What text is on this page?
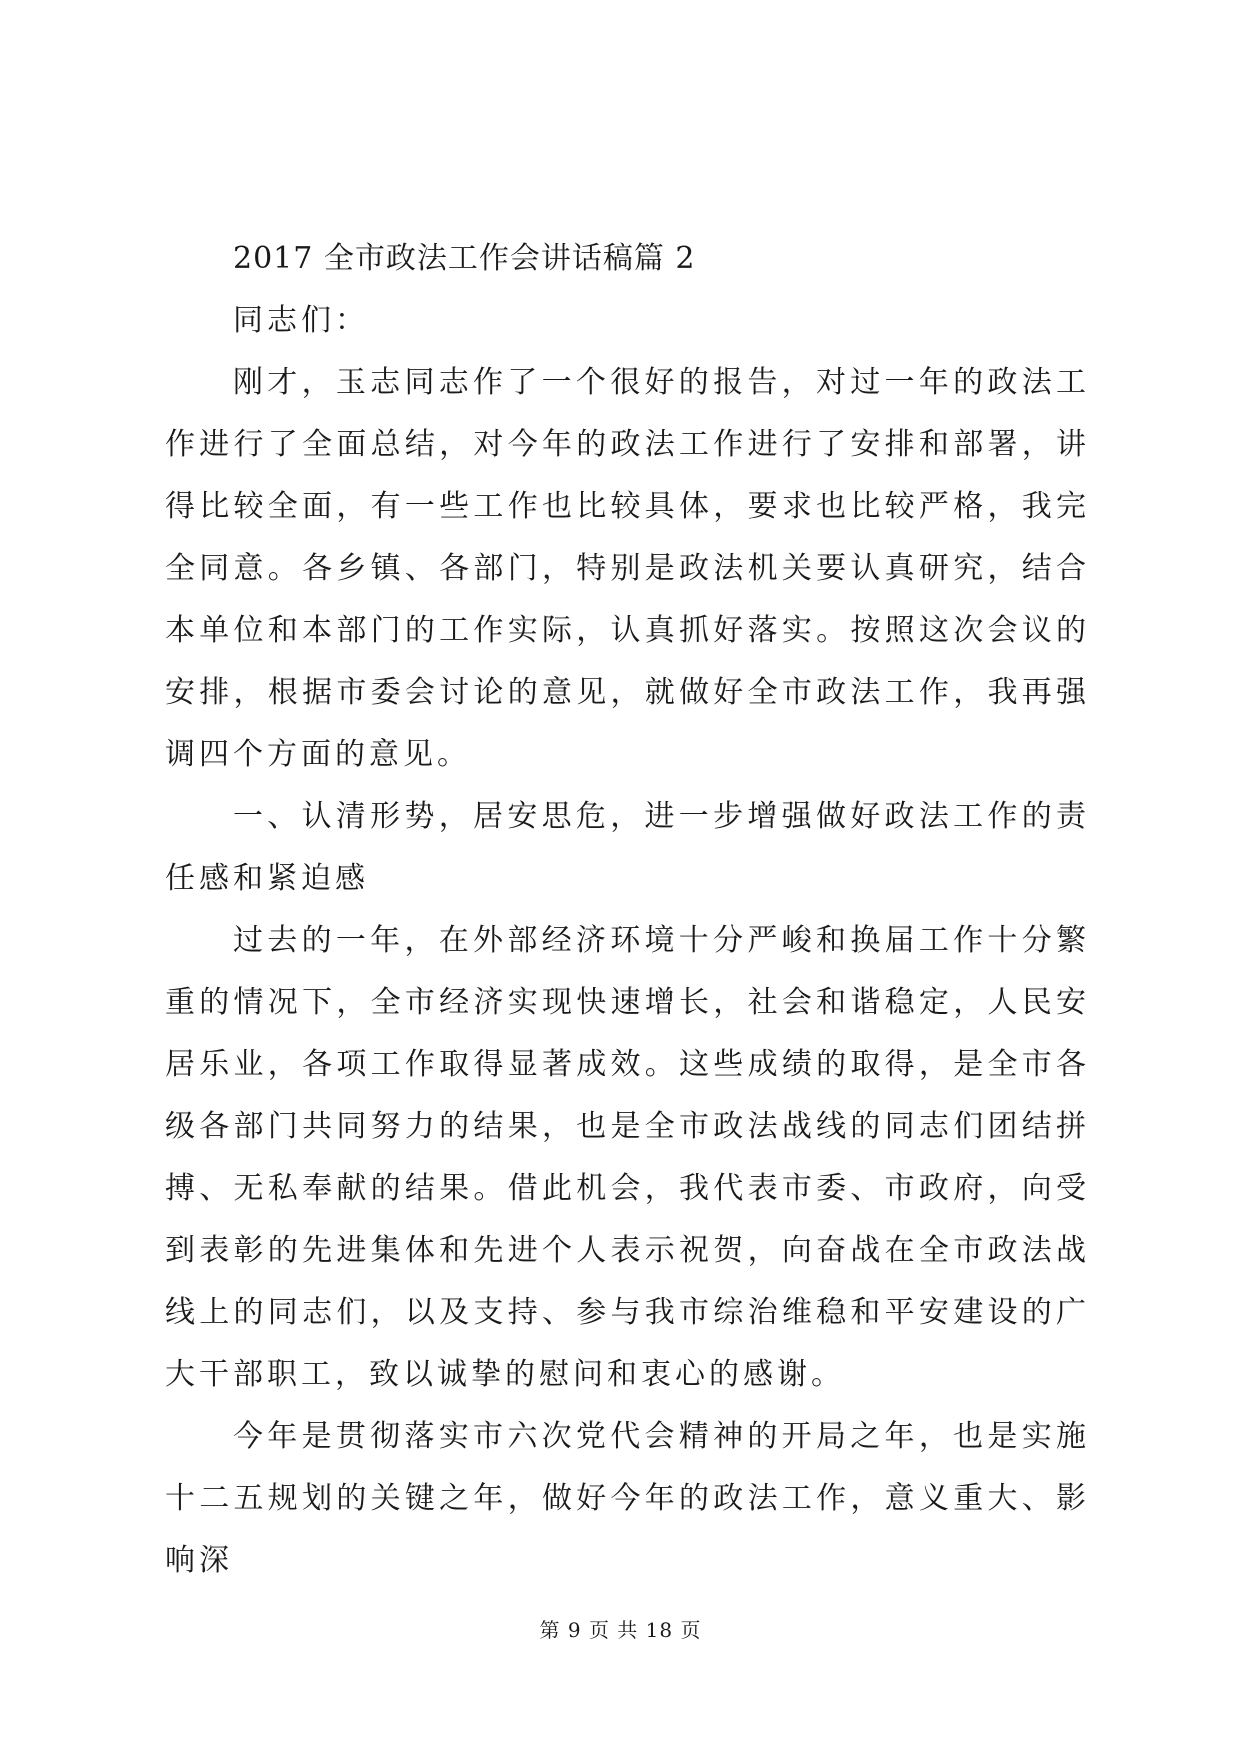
2017 全市政法工作会讲话稿篇 2

同志们：

刚才，玉志同志作了一个很好的报告，对过一年的政法工作进行了全面总结，对今年的政法工作进行了安排和部署，讲得比较全面，有一些工作也比较具体，要求也比较严格，我完全同意。各乡镇、各部门，特别是政法机关要认真研究，结合本单位和本部门的工作实际，认真抓好落实。按照这次会议的安排，根据市委会讨论的意见，就做好全市政法工作，我再强调四个方面的意见。

一、认清形势，居安思危，进一步增强做好政法工作的责任感和紧迫感

过去的一年，在外部经济环境十分严峻和换届工作十分繁重的情况下，全市经济实现快速增长，社会和谐稳定，人民安居乐业，各项工作取得显著成效。这些成绩的取得，是全市各级各部门共同努力的结果，也是全市政法战线的同志们团结拼搏、无私奉献的结果。借此机会，我代表市委、市政府，向受到表彰的先进集体和先进个人表示祝贺，向奋战在全市政法战线上的同志们，以及支持、参与我市综治维稳和平安建设的广大干部职工，致以诚挚的慰问和衷心的感谢。

今年是贯彻落实市六次党代会精神的开局之年，也是实施十二五规划的关键之年，做好今年的政法工作，意义重大、影响深

第 9 页 共 18 页
